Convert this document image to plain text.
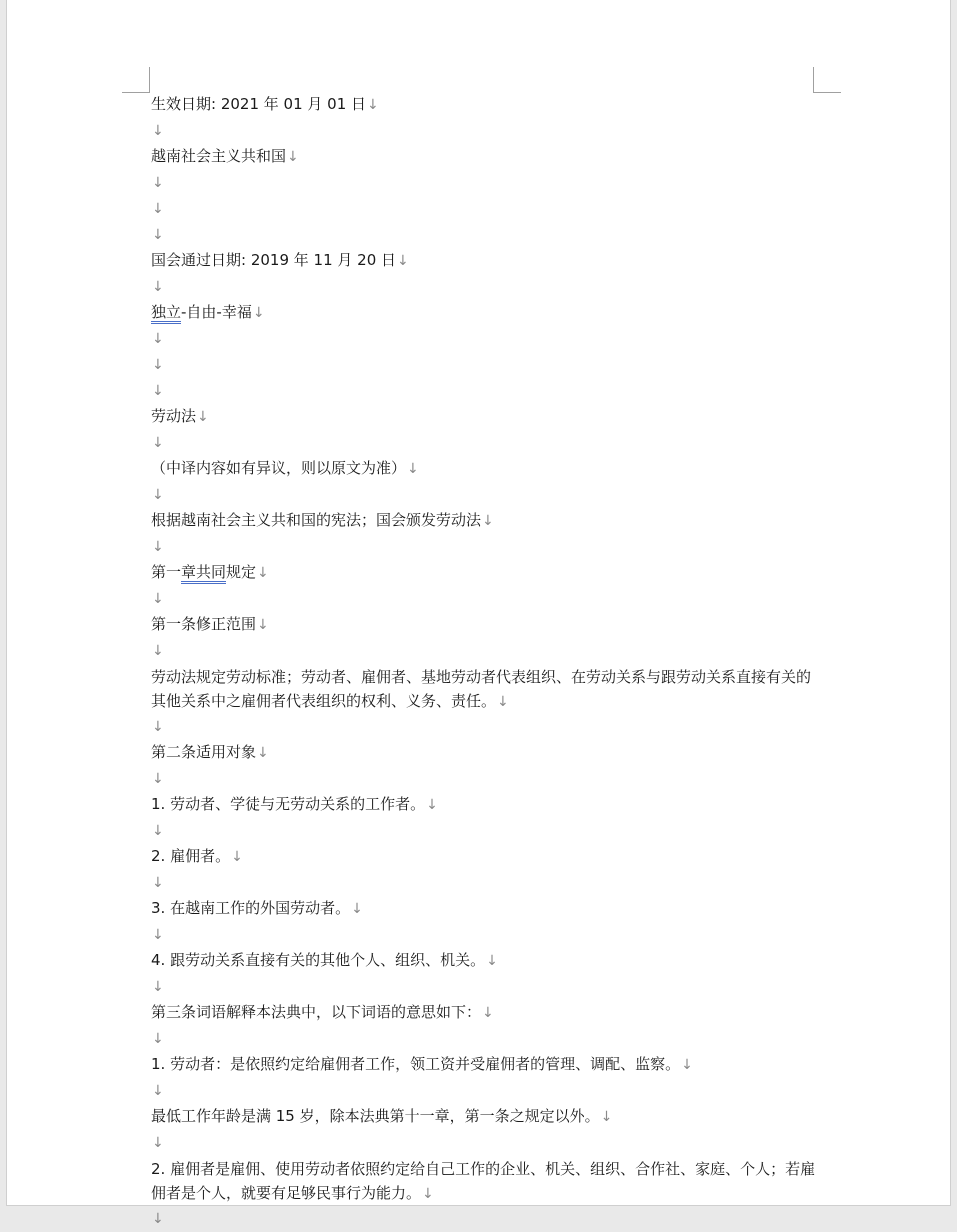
生效日期: 2021 年 01 月 01 日↓
↓
越南社会主义共和国↓
↓
↓
↓
国会通过日期: 2019 年 11 月 20 日↓
↓
独立-自由-幸福↓
↓
↓
↓
劳动法↓
↓
（中译内容如有异议，则以原文为准）↓
↓
根据越南社会主义共和国的宪法；国会颁发劳动法↓
↓
第一章共同规定↓
↓
第一条修正范围↓
↓
劳动法规定劳动标准；劳动者、雇佣者、基地劳动者代表组织、在劳动关系与跟劳动关系直接有关的其他关系中之雇佣者代表组织的权利、义务、责任。↓
↓
第二条适用对象↓
↓
1. 劳动者、学徒与无劳动关系的工作者。↓
↓
2. 雇佣者。↓
↓
3. 在越南工作的外国劳动者。↓
↓
4. 跟劳动关系直接有关的其他个人、组织、机关。↓
↓
第三条词语解释本法典中，以下词语的意思如下：↓
↓
1. 劳动者：是依照约定给雇佣者工作，领工资并受雇佣者的管理、调配、监察。↓
↓
最低工作年龄是满 15 岁，除本法典第十一章，第一条之规定以外。↓
↓
2. 雇佣者是雇佣、使用劳动者依照约定给自己工作的企业、机关、组织、合作社、家庭、个人；若雇佣者是个人，就要有足够民事行为能力。↓
↓
